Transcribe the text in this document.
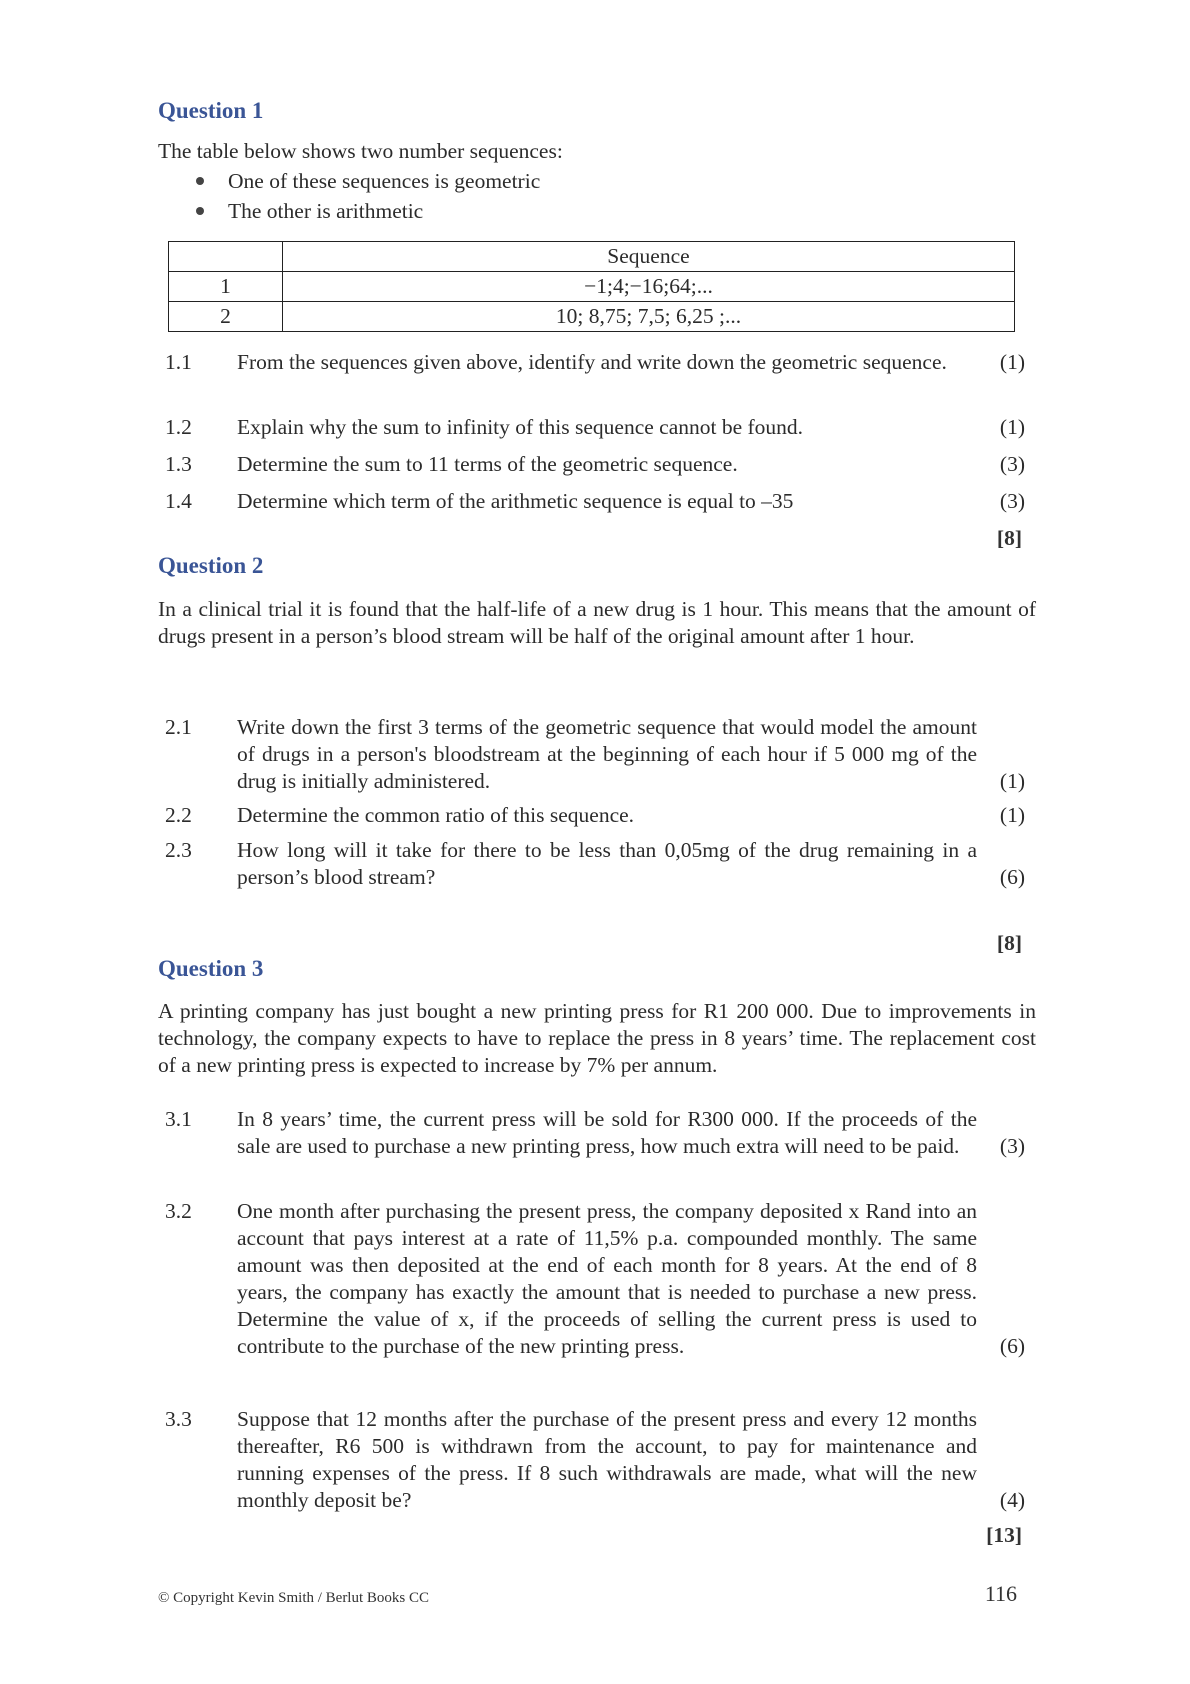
Question 1
The table below shows two number sequences:
One of these sequences is geometric
The other is arithmetic
	Sequence
1	−1;4;−16;64;...
2	10; 8,75; 7,5; 6,25 ;...
1.1	From the sequences given above, identify and write down the geometric sequence.	(1)
1.2	Explain why the sum to infinity of this sequence cannot be found.	(1)
1.3	Determine the sum to 11 terms of the geometric sequence.	(3)
1.4	Determine which term of the arithmetic sequence is equal to –35	(3)
[8]
Question 2
In a clinical trial it is found that the half-life of a new drug is 1 hour. This means that the amount of drugs present in a person’s blood stream will be half of the original amount after 1 hour.
2.1	Write down the first 3 terms of the geometric sequence that would model the amount of drugs in a person's bloodstream at the beginning of each hour if 5 000 mg of the drug is initially administered.	(1)
2.2	Determine the common ratio of this sequence.	(1)
2.3	How long will it take for there to be less than 0,05mg of the drug remaining in a person’s blood stream?	(6)
[8]
Question 3
A printing company has just bought a new printing press for R1 200 000. Due to improvements in technology, the company expects to have to replace the press in 8 years’ time. The replacement cost of a new printing press is expected to increase by 7% per annum.
3.1	In 8 years’ time, the current press will be sold for R300 000. If the proceeds of the sale are used to purchase a new printing press, how much extra will need to be paid.	(3)
3.2	One month after purchasing the present press, the company deposited x Rand into an account that pays interest at a rate of 11,5% p.a. compounded monthly. The same amount was then deposited at the end of each month for 8 years. At the end of 8 years, the company has exactly the amount that is needed to purchase a new press. Determine the value of x, if the proceeds of selling the current press is used to contribute to the purchase of the new printing press.	(6)
3.3	Suppose that 12 months after the purchase of the present press and every 12 months thereafter, R6 500 is withdrawn from the account, to pay for maintenance and running expenses of the press. If 8 such withdrawals are made, what will the new monthly deposit be?	(4)
[13]
© Copyright Kevin Smith / Berlut Books CC	116
